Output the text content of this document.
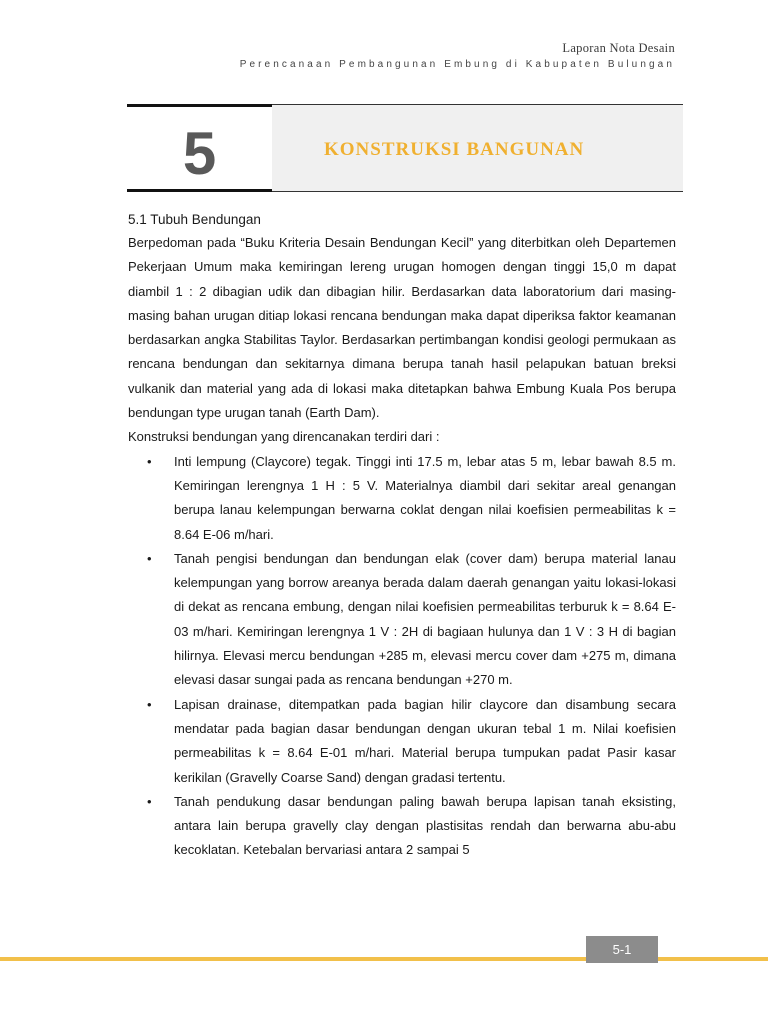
Laporan Nota Desain
Perencanaan Pembangunan Embung di Kabupaten Bulungan
5	KONSTRUKSI BANGUNAN

5.1 Tubuh Bendungan

Berpedoman pada “Buku Kriteria Desain Bendungan Kecil” yang diterbitkan oleh Departemen Pekerjaan Umum maka kemiringan lereng urugan homogen dengan tinggi 15,0 m dapat diambil 1 : 2 dibagian udik dan dibagian hilir. Berdasarkan data laboratorium dari masing-masing bahan urugan ditiap lokasi rencana bendungan maka dapat diperiksa faktor keamanan berdasarkan angka Stabilitas Taylor. Berdasarkan pertimbangan kondisi geologi permukaan as rencana bendungan dan sekitarnya dimana berupa tanah hasil pelapukan batuan breksi vulkanik dan material yang ada di lokasi maka ditetapkan bahwa Embung Kuala Pos berupa bendungan type urugan tanah (Earth Dam).

Konstruksi bendungan yang direncanakan terdiri dari :

• Inti lempung (Claycore) tegak. Tinggi inti 17.5 m, lebar atas 5 m, lebar bawah 8.5 m. Kemiringan lerengnya 1 H : 5 V. Materialnya diambil dari sekitar areal genangan berupa lanau kelempungan berwarna coklat dengan nilai koefisien permeabilitas k = 8.64 E-06 m/hari.
• Tanah pengisi bendungan dan bendungan elak (cover dam) berupa material lanau kelempungan yang borrow areanya berada dalam daerah genangan yaitu lokasi-lokasi di dekat as rencana embung, dengan nilai koefisien permeabilitas terburuk k = 8.64 E-03 m/hari. Kemiringan lerengnya 1 V : 2H di bagiaan hulunya dan 1 V : 3 H di bagian hilirnya. Elevasi mercu bendungan +285 m, elevasi mercu cover dam +275 m, dimana elevasi dasar sungai pada as rencana bendungan +270 m.
• Lapisan drainase, ditempatkan pada bagian hilir claycore dan disambung secara mendatar pada bagian dasar bendungan dengan ukuran tebal 1 m. Nilai koefisien permeabilitas k = 8.64 E-01 m/hari. Material berupa tumpukan padat Pasir kasar kerikilan (Gravelly Coarse Sand) dengan gradasi tertentu.
• Tanah pendukung dasar bendungan paling bawah berupa lapisan tanah eksisting, antara lain berupa gravelly clay dengan plastisitas rendah dan berwarna abu-abu kecoklatan. Ketebalan bervariasi antara 2 sampai 5
5-1
